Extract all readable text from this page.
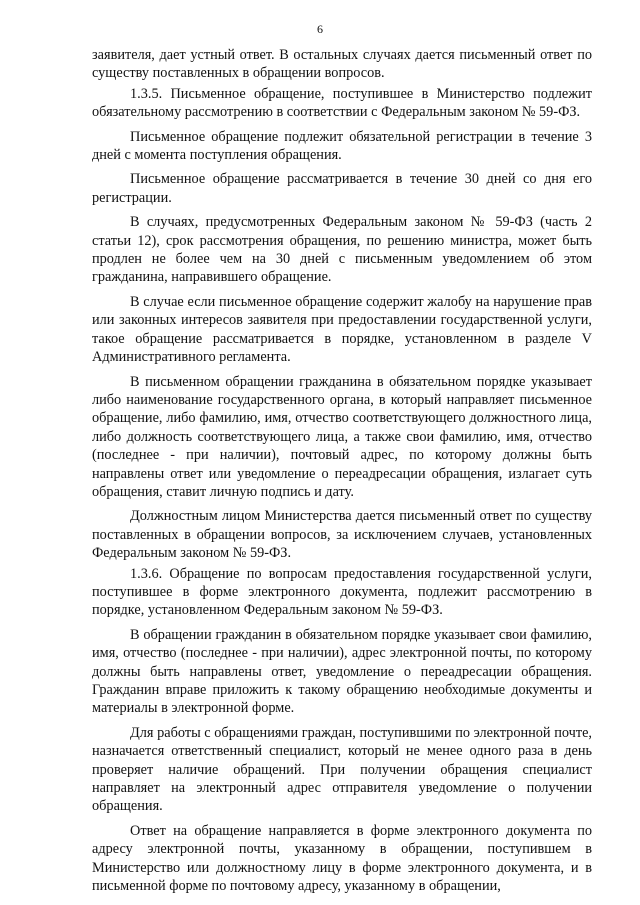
6

заявителя, дает устный ответ. В остальных случаях дается письменный ответ по существу поставленных в обращении вопросов.

1.3.5. Письменное обращение, поступившее в Министерство подлежит обязательному рассмотрению в соответствии с Федеральным законом № 59-ФЗ.

Письменное обращение подлежит обязательной регистрации в течение 3 дней с момента поступления обращения.

Письменное обращение рассматривается в течение 30 дней со дня его регистрации.

В случаях, предусмотренных Федеральным законом № 59-ФЗ (часть 2 статьи 12), срок рассмотрения обращения, по решению министра, может быть продлен не более чем на 30 дней с письменным уведомлением об этом гражданина, направившего обращение.

В случае если письменное обращение содержит жалобу на нарушение прав или законных интересов заявителя при предоставлении государственной услуги, такое обращение рассматривается в порядке, установленном в разделе V Административного регламента.

В письменном обращении гражданина в обязательном порядке указывает либо наименование государственного органа, в который направляет письменное обращение, либо фамилию, имя, отчество соответствующего должностного лица, либо должность соответствующего лица, а также свои фамилию, имя, отчество (последнее - при наличии), почтовый адрес, по которому должны быть направлены ответ или уведомление о переадресации обращения, излагает суть обращения, ставит личную подпись и дату.

Должностным лицом Министерства дается письменный ответ по существу поставленных в обращении вопросов, за исключением случаев, установленных Федеральным законом № 59-ФЗ.

1.3.6. Обращение по вопросам предоставления государственной услуги, поступившее в форме электронного документа, подлежит рассмотрению в порядке, установленном Федеральным законом № 59-ФЗ.

В обращении гражданин в обязательном порядке указывает свои фамилию, имя, отчество (последнее - при наличии), адрес электронной почты, по которому должны быть направлены ответ, уведомление о переадресации обращения. Гражданин вправе приложить к такому обращению необходимые документы и материалы в электронной форме.

Для работы с обращениями граждан, поступившими по электронной почте, назначается ответственный специалист, который не менее одного раза в день проверяет наличие обращений. При получении обращения специалист направляет на электронный адрес отправителя уведомление о получении обращения.

Ответ на обращение направляется в форме электронного документа по адресу электронной почты, указанному в обращении, поступившем в Министерство или должностному лицу в форме электронного документа, и в письменной форме по почтовому адресу, указанному в обращении,
